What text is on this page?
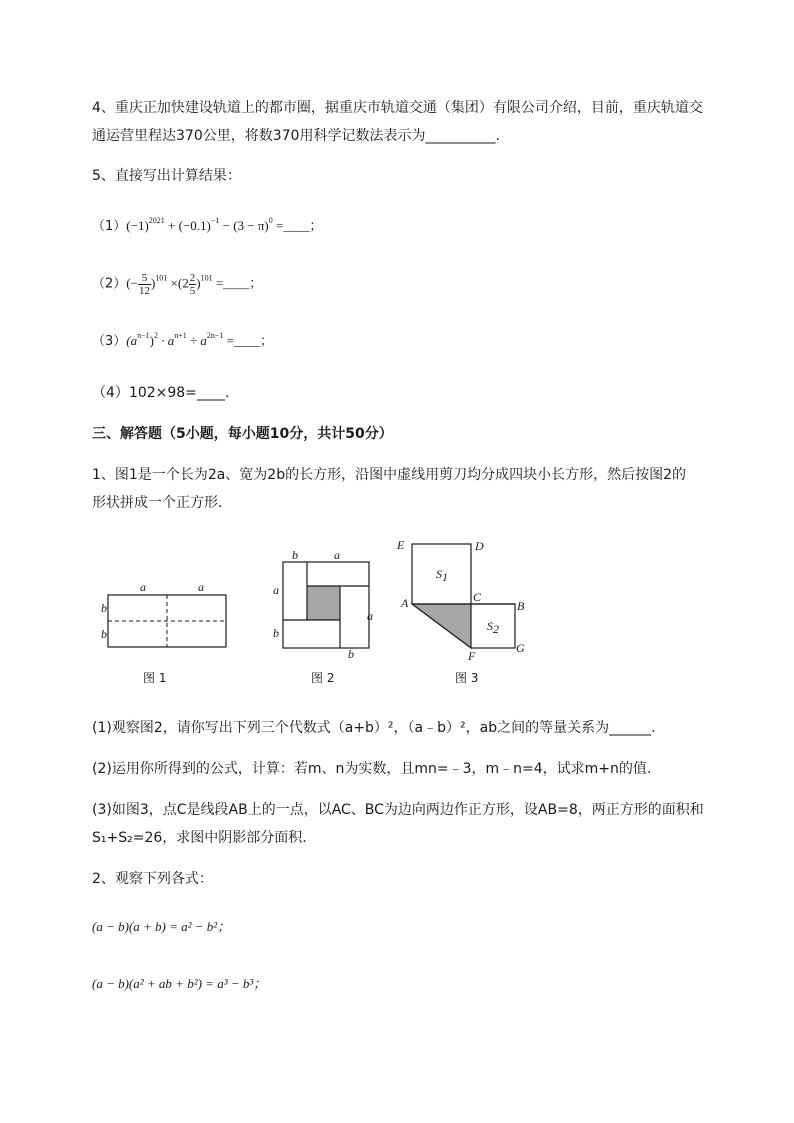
4、重庆正加快建设轨道上的都市圈，据重庆市轨道交通（集团）有限公司介绍，目前，重庆轨道交
通运营里程达370公里，将数370用科学记数法表示为__________.
5、直接写出计算结果：
$(1)(-1)^{2021} + (-0.1)^{-1} - (3 - \pi)^0$ =____；
$(2)(- \frac{5}{12} )^{101} \times(2 \frac{2}{5} )^{101}$ =____；
$(3)(a^{n-1})^2 \cdot a^{n+1} \div a^{2n-1}$ =____；
（4）102×98=____.
三、解答题（5小题，每小题10分，共计50分）
1、图1是一个长为2a、宽为2b的长方形，沿图中虚线用剪刀均分成四块小长方形，然后按图2的
形状拼成一个正方形.
a	a
b
b
图 1
b	a
a
b
a
b
图 2
E	D
A	C
B
G
F
S1
S2
图 3
(1)观察图2，请你写出下列三个代数式（a+b）²，（a﹣b）²，ab之间的等量关系为______.
(2)运用你所得到的公式，计算：若m、n为实数，且mn=﹣3，m﹣n=4，试求m+n的值.
(3)如图3，点C是线段AB上的一点，以AC、BC为边向两边作正方形，设AB=8，两正方形的面积和
S₁+S₂=26，求图中阴影部分面积.
2、观察下列各式：
(a − b)(a + b) = a² − b²；
(a − b)(a² + ab + b²) = a³ − b³；
